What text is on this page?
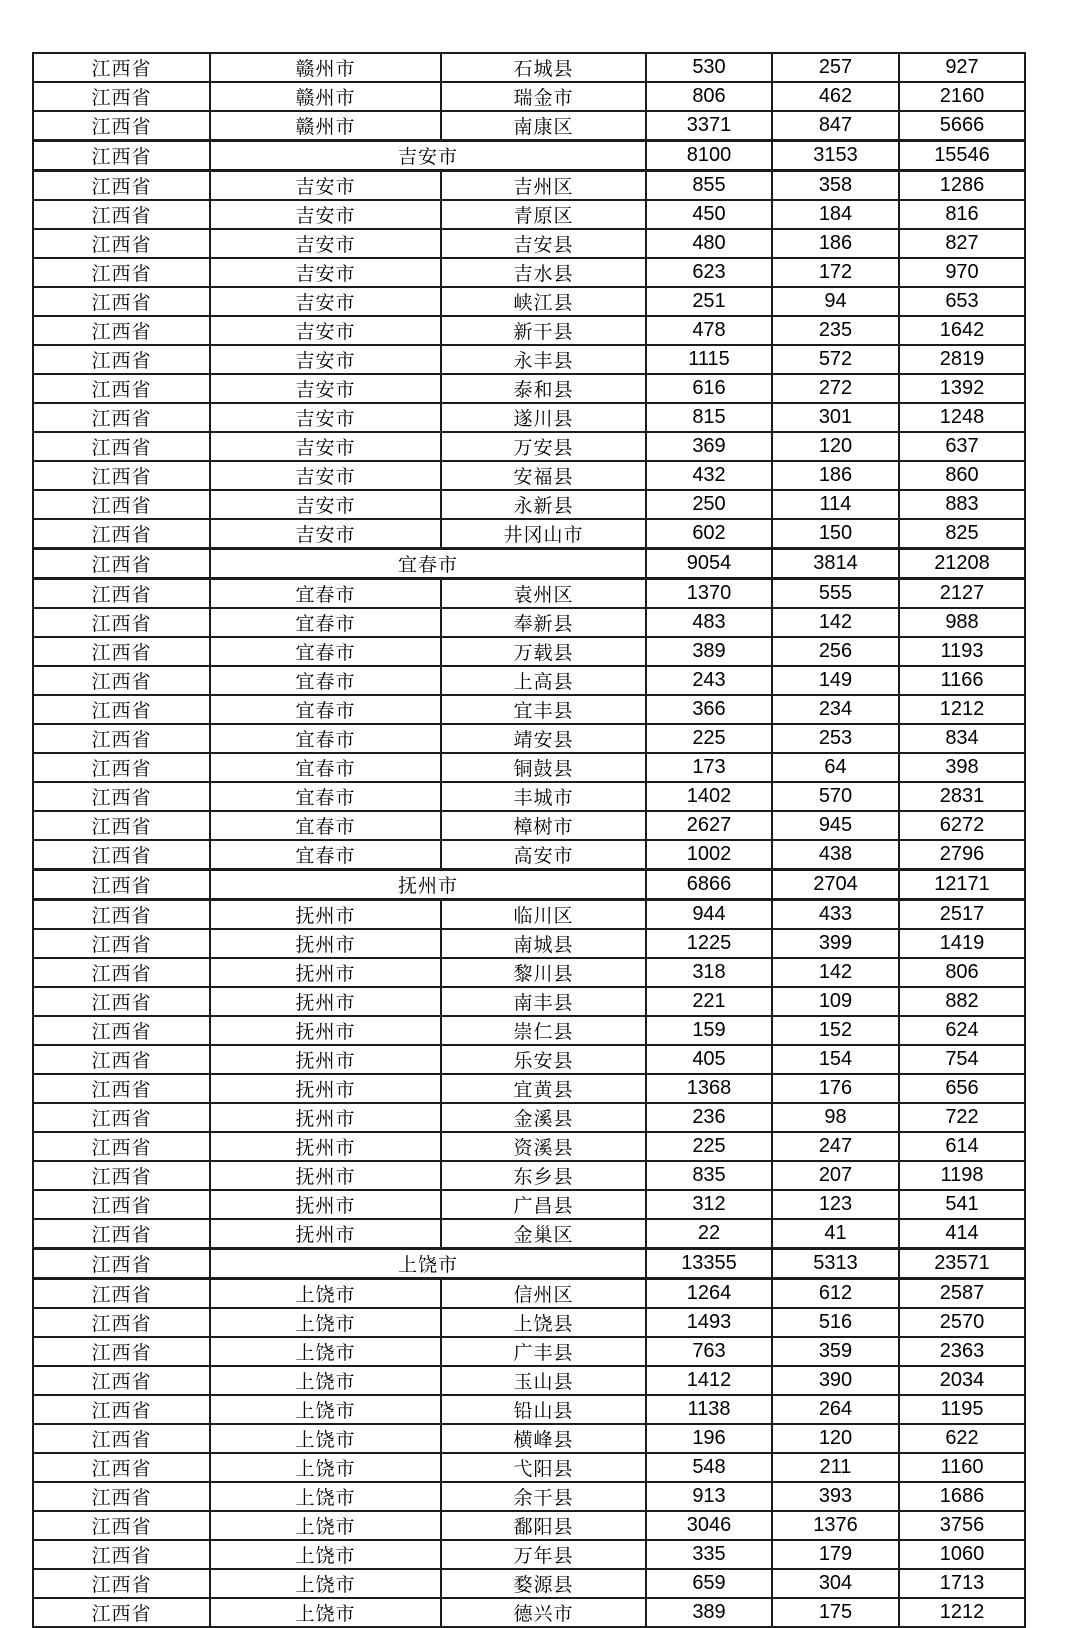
江西省	赣州市	石城县	530	257	927
江西省	赣州市	瑞金市	806	462	2160
江西省	赣州市	南康区	3371	847	5666
江西省	吉安市		8100	3153	15546
江西省	吉安市	吉州区	855	358	1286
江西省	吉安市	青原区	450	184	816
江西省	吉安市	吉安县	480	186	827
江西省	吉安市	吉水县	623	172	970
江西省	吉安市	峡江县	251	94	653
江西省	吉安市	新干县	478	235	1642
江西省	吉安市	永丰县	1115	572	2819
江西省	吉安市	泰和县	616	272	1392
江西省	吉安市	遂川县	815	301	1248
江西省	吉安市	万安县	369	120	637
江西省	吉安市	安福县	432	186	860
江西省	吉安市	永新县	250	114	883
江西省	吉安市	井冈山市	602	150	825
江西省	宜春市		9054	3814	21208
江西省	宜春市	袁州区	1370	555	2127
江西省	宜春市	奉新县	483	142	988
江西省	宜春市	万载县	389	256	1193
江西省	宜春市	上高县	243	149	1166
江西省	宜春市	宜丰县	366	234	1212
江西省	宜春市	靖安县	225	253	834
江西省	宜春市	铜鼓县	173	64	398
江西省	宜春市	丰城市	1402	570	2831
江西省	宜春市	樟树市	2627	945	6272
江西省	宜春市	高安市	1002	438	2796
江西省	抚州市		6866	2704	12171
江西省	抚州市	临川区	944	433	2517
江西省	抚州市	南城县	1225	399	1419
江西省	抚州市	黎川县	318	142	806
江西省	抚州市	南丰县	221	109	882
江西省	抚州市	崇仁县	159	152	624
江西省	抚州市	乐安县	405	154	754
江西省	抚州市	宜黄县	1368	176	656
江西省	抚州市	金溪县	236	98	722
江西省	抚州市	资溪县	225	247	614
江西省	抚州市	东乡县	835	207	1198
江西省	抚州市	广昌县	312	123	541
江西省	抚州市	金巢区	22	41	414
江西省	上饶市		13355	5313	23571
江西省	上饶市	信州区	1264	612	2587
江西省	上饶市	上饶县	1493	516	2570
江西省	上饶市	广丰县	763	359	2363
江西省	上饶市	玉山县	1412	390	2034
江西省	上饶市	铅山县	1138	264	1195
江西省	上饶市	横峰县	196	120	622
江西省	上饶市	弋阳县	548	211	1160
江西省	上饶市	余干县	913	393	1686
江西省	上饶市	鄱阳县	3046	1376	3756
江西省	上饶市	万年县	335	179	1060
江西省	上饶市	婺源县	659	304	1713
江西省	上饶市	德兴市	389	175	1212
